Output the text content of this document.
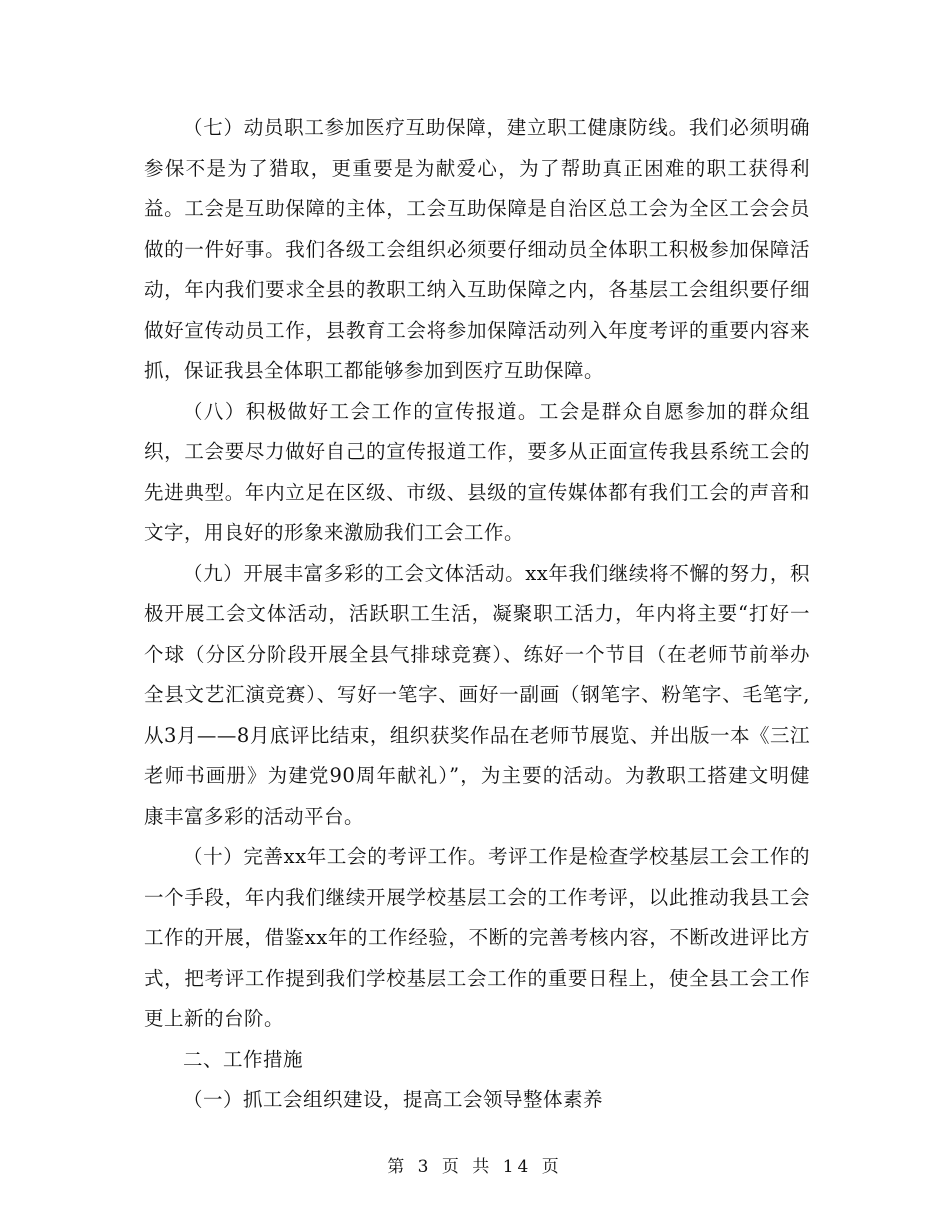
（七）动员职工参加医疗互助保障，建立职工健康防线。我们必须明确参保不是为了猎取，更重要是为献爱心，为了帮助真正困难的职工获得利益。工会是互助保障的主体，工会互助保障是自治区总工会为全区工会会员做的一件好事。我们各级工会组织必须要仔细动员全体职工积极参加保障活动，年内我们要求全县的教职工纳入互助保障之内，各基层工会组织要仔细做好宣传动员工作，县教育工会将参加保障活动列入年度考评的重要内容来抓，保证我县全体职工都能够参加到医疗互助保障。

（八）积极做好工会工作的宣传报道。工会是群众自愿参加的群众组织，工会要尽力做好自己的宣传报道工作，要多从正面宣传我县系统工会的先进典型。年内立足在区级、市级、县级的宣传媒体都有我们工会的声音和文字，用良好的形象来激励我们工会工作。

（九）开展丰富多彩的工会文体活动。xx年我们继续将不懈的努力，积极开展工会文体活动，活跃职工生活，凝聚职工活力，年内将主要“打好一个球（分区分阶段开展全县气排球竞赛）、练好一个节目（在老师节前举办全县文艺汇演竞赛）、写好一笔字、画好一副画（钢笔字、粉笔字、毛笔字,从3月——8月底评比结束，组织获奖作品在老师节展览、并出版一本《三江老师书画册》为建党90周年献礼）”，为主要的活动。为教职工搭建文明健康丰富多彩的活动平台。

（十）完善xx年工会的考评工作。考评工作是检查学校基层工会工作的一个手段，年内我们继续开展学校基层工会的工作考评，以此推动我县工会工作的开展，借鉴xx年的工作经验，不断的完善考核内容，不断改进评比方式，把考评工作提到我们学校基层工会工作的重要日程上，使全县工会工作更上新的台阶。

二、工作措施

（一）抓工会组织建设，提高工会领导整体素养

第 3 页 共 14 页
